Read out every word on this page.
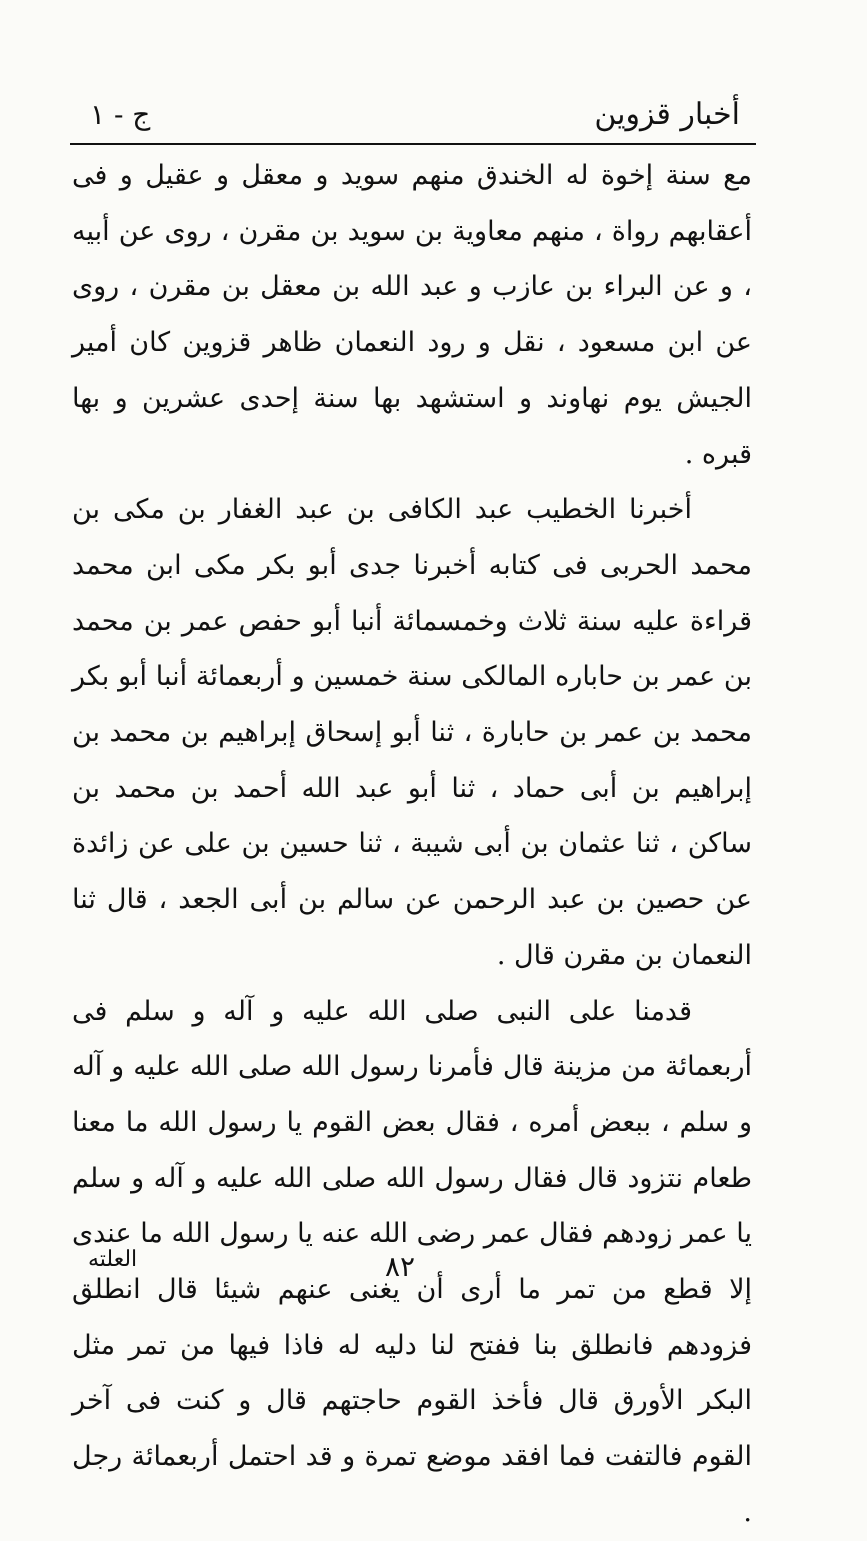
أخبار قزوين
ج - ١

مع سنة إخوة له الخندق منهم سويد و معقل و عقيل و فى أعقابهم رواة ، منهم معاوية بن سويد بن مقرن ، روى عن أبيه ، و عن البراء بن عازب و عبد الله بن معقل بن مقرن ، روى عن ابن مسعود ، نقل و رود النعمان ظاهر قزوين كان أمير الجيش يوم نهاوند و استشهد بها سنة إحدى عشرين و بها قبره .

أخبرنا الخطيب عبد الكافى بن عبد الغفار بن مكى بن محمد الحربى فى كتابه أخبرنا جدى أبو بكر مكى ابن محمد قراءة عليه سنة ثلاث وخمسمائة أنبا أبو حفص عمر بن محمد بن عمر بن حاباره المالكى سنة خمسين و أربعمائة أنبا أبو بكر محمد بن عمر بن حابارة ، ثنا أبو إسحاق إبراهيم بن محمد بن إبراهيم بن أبى حماد ، ثنا أبو عبد الله أحمد بن محمد بن ساكن ، ثنا عثمان بن أبى شيبة ، ثنا حسين بن على عن زائدة عن حصين بن عبد الرحمن عن سالم بن أبى الجعد ، قال ثنا النعمان بن مقرن قال .

قدمنا على النبى صلى الله عليه و آله و سلم فى أربعمائة من مزينة قال فأمرنا رسول الله صلى الله عليه و آله و سلم ، ببعض أمره ، فقال بعض القوم يا رسول الله ما معنا طعام نتزود قال فقال رسول الله صلى الله عليه و آله و سلم يا عمر زودهم فقال عمر رضى الله عنه يا رسول الله ما عندى إلا قطع من تمر ما أرى أن يغنى عنهم شيئا قال انطلق فزودهم فانطلق بنا ففتح لنا دليه له فاذا فيها من تمر مثل البكر الأورق قال فأخذ القوم حاجتهم قال و كنت فى آخر القوم فالتفت فما افقد موضع تمرة و قد احتمل أربعمائة رجل .

العلته	٨٢
